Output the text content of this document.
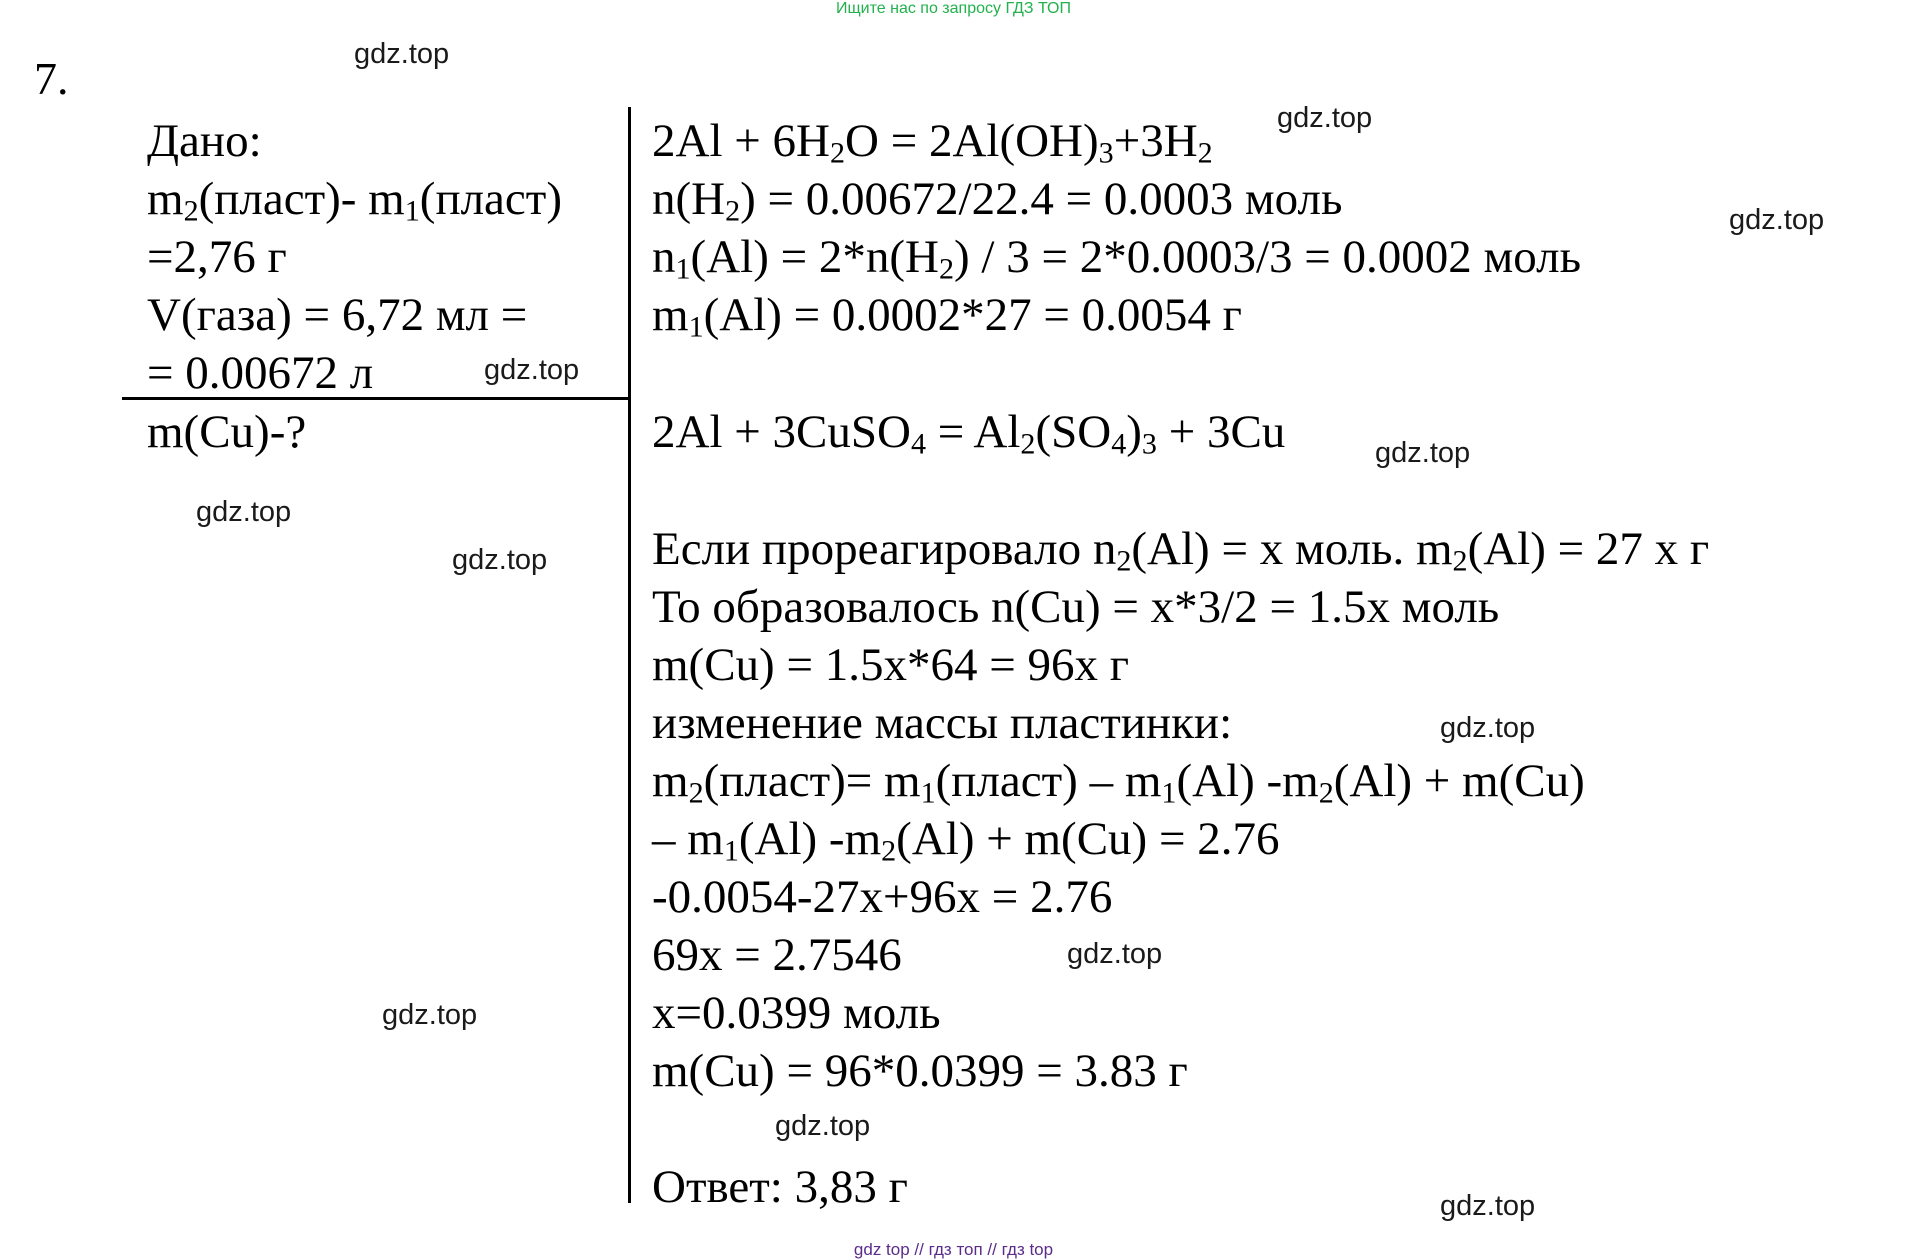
Ищите нас по запросу ГДЗ ТОП
7.	gdz.top
gdz.top
gdz.top
gdz.top
gdz.top
gdz.top
gdz.top
gdz.top
gdz.top
gdz.top
gdz.top
gdz.top
Дано:
$m_2(пласт)-$ $m_1(пласт)$
=2,76 г
V(газа) = 6,72 мл =
= 0.00672 л
m(Cu)-?
$2Al + 6H_2O = 2Al(OH)_3+3H_2$
$n(H_2) = 0.00672/22.4 = 0.0003$ моль
$n_1(Al) = 2*n(H_2) / 3 = 2*0.0003/3 = 0.0002$ моль
$m_1(Al) = 0.0002*27 = 0.0054$ г
2Al + 3CuSO$_4$ = $Al_2(SO_4)_3 + 3Cu$
Если прореагировало $n_2(Al) = x$ моль. $m_2(Al) = 27$ x г
То образовалось n(Cu) = x*3/2 = 1.5x моль
m(Cu) = 1.5x*64 = 96x г
изменение массы пластинки:
$m_2(пласт)=$ $m_1(пласт) - m_1(Al) -m_2(Al) + m(Cu)$
– $m_1(Al) -m_2(Al) + m(Cu) = 2.76$
-0.0054-27x+96x = 2.76
69x = 2.7546
x=0.0399 моль
m(Cu) = 96*0.0399 = 3.83 г
Ответ: 3,83 г
gdz top // гдз топ // гдз top
